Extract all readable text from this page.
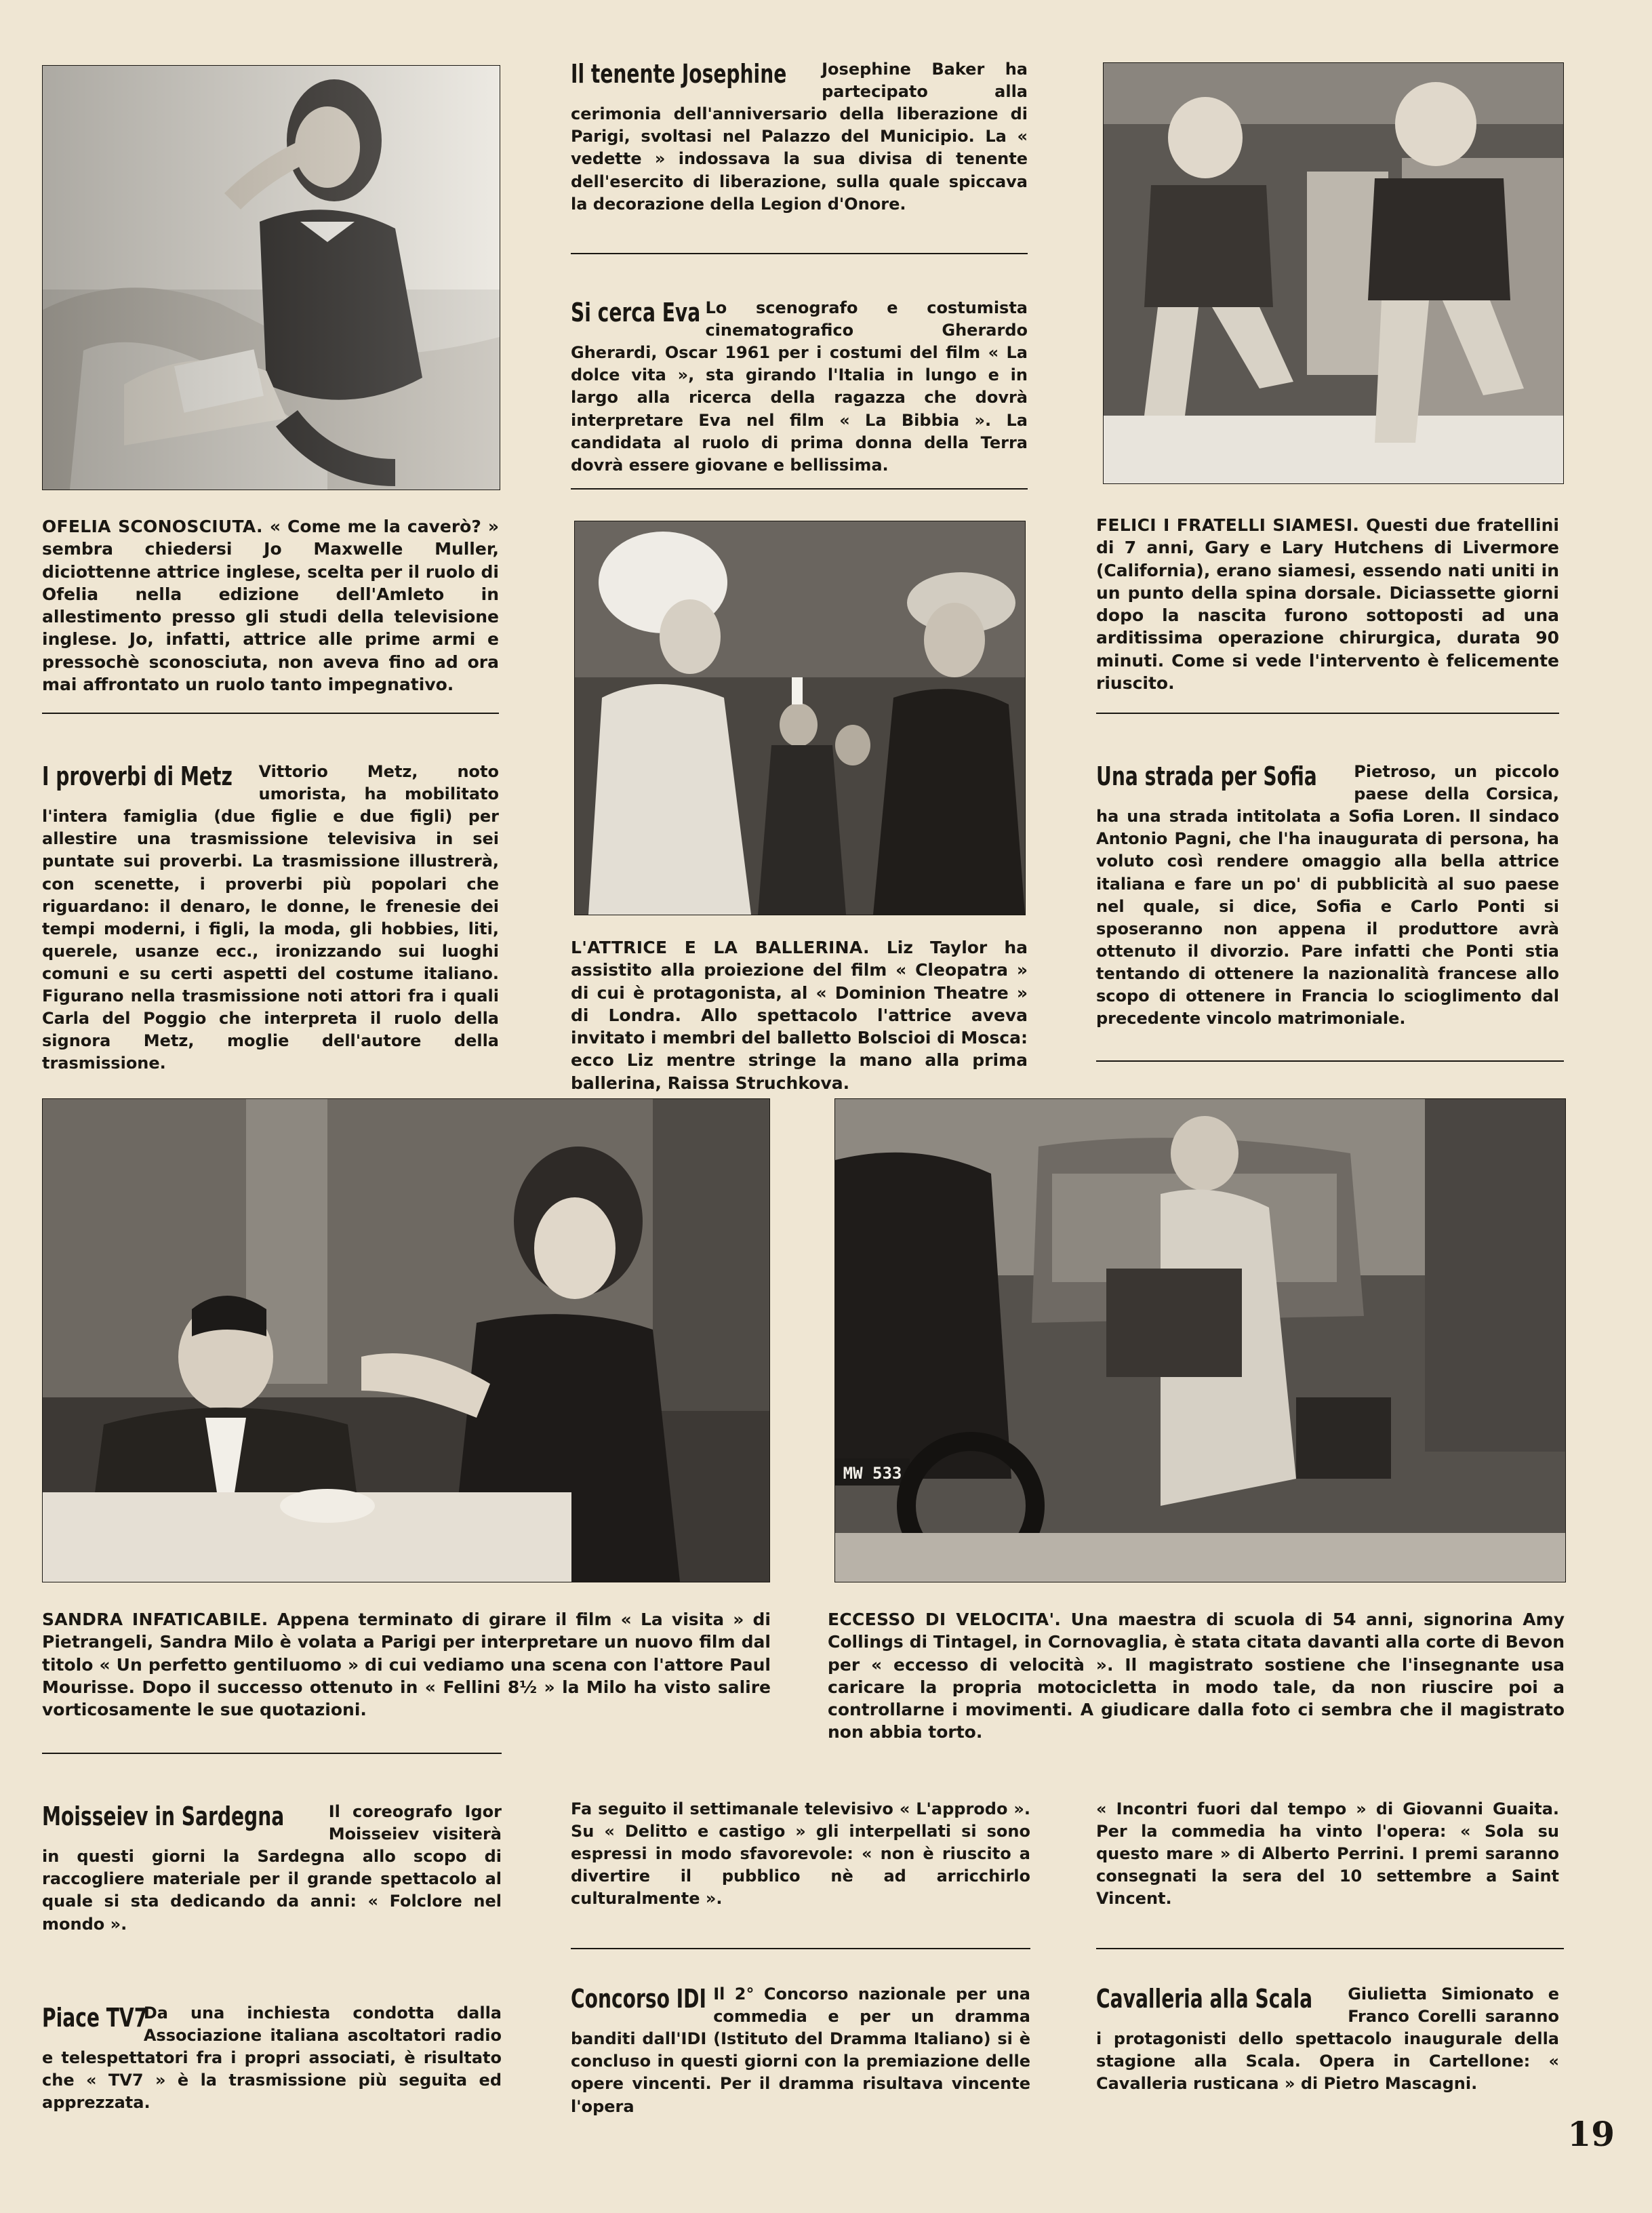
OFELIA SCONOSCIUTA. « Come me la caverò? » sembra chiedersi Jo Maxwelle Muller, diciottenne attrice inglese, scelta per il ruolo di Ofelia nella edizione dell'Amleto in allestimento presso gli studi della televisione inglese. Jo, infatti, attrice alle prime armi e pressochè sconosciuta, non aveva fino ad ora mai affrontato un ruolo tanto impegnativo.
I proverbi di Metz	Vittorio Metz, noto umorista, ha mobilitato l'intera famiglia (due figlie e due figli) per allestire una trasmissione televisiva in sei puntate sui proverbi. La trasmissione illustrerà, con scenette, i proverbi più popolari che riguardano: il denaro, le donne, le frenesie dei tempi moderni, i figli, la moda, gli hobbies, liti, querele, usanze ecc., ironizzando sui luoghi comuni e su certi aspetti del costume italiano. Figurano nella trasmissione noti attori fra i quali Carla del Poggio che interpreta il ruolo della signora Metz, moglie dell'autore della trasmissione.
Il tenente Josephine	Josephine Baker ha partecipato alla cerimonia dell'anniversario della liberazione di Parigi, svoltasi nel Palazzo del Municipio. La « vedette » indossava la sua divisa di tenente dell'esercito di liberazione, sulla quale spiccava la decorazione della Legion d'Onore.
Si cerca Eva Lo scenografo e costumista cinematografico Gherardo Gherardi, Oscar 1961 per i costumi del film « La dolce vita », sta girando l'Italia in lungo e in largo alla ricerca della ragazza che dovrà interpretare Eva nel film « La Bibbia ». La candidata al ruolo di prima donna della Terra dovrà essere giovane e bellissima.
L'ATTRICE E LA BALLERINA. Liz Taylor ha assistito alla proiezione del film « Cleopatra » di cui è protagonista, al « Dominion Theatre » di Londra. Allo spettacolo l'attrice aveva invitato i membri del balletto Bolscioi di Mosca: ecco Liz mentre stringe la mano alla prima ballerina, Raissa Struchkova.
FELICI I FRATELLI SIAMESI. Questi due fratellini di 7 anni, Gary e Lary Hutchens di Livermore (California), erano siamesi, essendo nati uniti in un punto della spina dorsale. Diciassette giorni dopo la nascita furono sottoposti ad una arditissima operazione chirurgica, durata 90 minuti. Come si vede l'intervento è felicemente riuscito.
Una strada per Sofia	Pietroso, un piccolo paese della Corsica, ha una strada intitolata a Sofia Loren. Il sindaco Antonio Pagni, che l'ha inaugurata di persona, ha voluto così rendere omaggio alla bella attrice italiana e fare un po' di pubblicità al suo paese nel quale, si dice, Sofia e Carlo Ponti si sposeranno non appena il produttore avrà ottenuto il divorzio. Pare infatti che Ponti stia tentando di ottenere la nazionalità francese allo scopo di ottenere in Francia lo scioglimento dal precedente vincolo matrimoniale.
SANDRA INFATICABILE. Appena terminato di girare il film « La visita » di Pietrangeli, Sandra Milo è volata a Parigi per interpretare un nuovo film dal titolo « Un perfetto gentiluomo » di cui vediamo una scena con l'attore Paul Mourisse. Dopo il successo ottenuto in « Fellini 8½ » la Milo ha visto salire vorticosamente le sue quotazioni.
MW 533
ECCESSO DI VELOCITA'. Una maestra di scuola di 54 anni, signorina Amy Collings di Tintagel, in Cornovaglia, è stata citata davanti alla corte di Bevon per « eccesso di velocità ». Il magistrato sostiene che l'insegnante usa caricare la propria motocicletta in modo tale, da non riuscire poi a controllarne i movimenti. A giudicare dalla foto ci sembra che il magistrato non abbia torto.
Moisseiev in Sardegna	Il coreografo Igor Moisseiev visiterà in questi giorni la Sardegna allo scopo di raccogliere materiale per il grande spettacolo al quale si sta dedicando da anni: « Folclore nel mondo ».
Fa seguito il settimanale televisivo « L'approdo ». Su « Delitto e castigo » gli interpellati si sono espressi in modo sfavorevole: « non è riuscito a divertire il pubblico nè ad arricchirlo culturalmente ».
« Incontri fuori dal tempo » di Giovanni Guaita. Per la commedia ha vinto l'opera: « Sola su questo mare » di Alberto Perrini. I premi saranno consegnati la sera del 10 settembre a Saint Vincent.
Piace TV7
Da una inchiesta condotta dalla Associazione italiana ascoltatori radio e telespettatori fra i propri associati, è risultato che « TV7 » è la trasmissione più seguita ed apprezzata.
Concorso IDI Il 2° Concorso nazionale per una commedia e per un dramma banditi dall'IDI (Istituto del Dramma Italiano) si è concluso in questi giorni con la premiazione delle opere vincenti. Per il dramma risultava vincente l'opera
Cavalleria alla Scala	Giulietta Simionato e Franco Corelli saranno i protagonisti dello spettacolo inaugurale della stagione alla Scala. Opera in Cartellone: « Cavalleria rusticana » di Pietro Mascagni.
19
